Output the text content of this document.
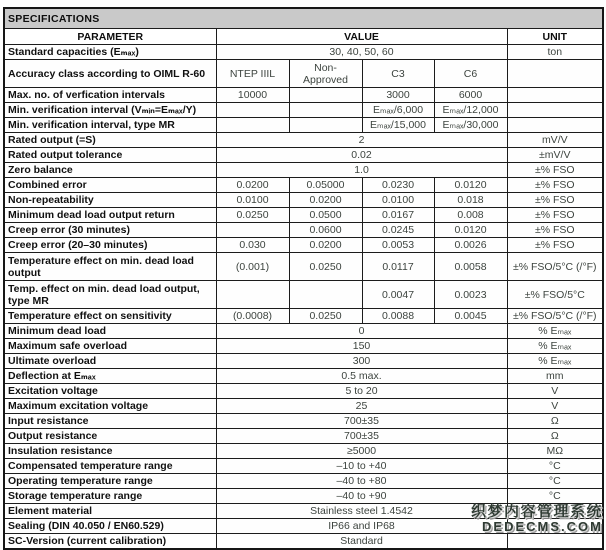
SPECIFICATIONS					
PARAMETER	VALUE				UNIT
Standard capacities (Eₘₐₓ)	30, 40, 50, 60				ton
Accuracy class according to OIML R-60	NTEP IIIL	Non-Approved	C3	C6	
Max. no. of verfication intervals	10000		3000	6000	
Min. verification interval (Vₘᵢₙ=Eₘₐₓ/Y)			Eₘₐₓ/6,000	Eₘₐₓ/12,000	
Min. verification interval, type MR			Eₘₐₓ/15,000	Eₘₐₓ/30,000	
Rated output (=S)	2				mV/V
Rated output tolerance	0.02				±mV/V
Zero balance	1.0				±% FSO
Combined error	0.0200	0.05000	0.0230	0.0120	±% FSO
Non-repeatability	0.0100	0.0200	0.0100	0.018	±% FSO
Minimum dead load output return	0.0250	0.0500	0.0167	0.008	±% FSO
Creep error (30 minutes)		0.0600	0.0245	0.0120	±% FSO
Creep error (20–30 minutes)	0.030	0.0200	0.0053	0.0026	±% FSO
Temperature effect on min. dead load output	(0.001)	0.0250	0.0117	0.0058	±% FSO/5°C (/°F)
Temp. effect on min. dead load output, type MR			0.0047	0.0023	±% FSO/5°C
Temperature effect on sensitivity	(0.0008)	0.0250	0.0088	0.0045	±% FSO/5°C (/°F)
Minimum dead load	0				% Eₘₐₓ
Maximum safe overload	150				% Eₘₐₓ
Ultimate overload	300				% Eₘₐₓ
Deflection at Eₘₐₓ	0.5 max.				mm
Excitation voltage	5 to 20				V
Maximum excitation voltage	25				V
Input resistance	700±35				Ω
Output resistance	700±35				Ω
Insulation resistance	≥5000				MΩ
Compensated temperature range	–10 to +40				°C
Operating temperature range	–40 to +80				°C
Storage temperature range	–40 to +90				°C
Element material	Stainless steel 1.4542				
Sealing (DIN 40.050 / EN60.529)	IP66 and IP68				
SC-Version (current calibration)	Standard				
织梦内容管理系统
DEDECMS.COM
